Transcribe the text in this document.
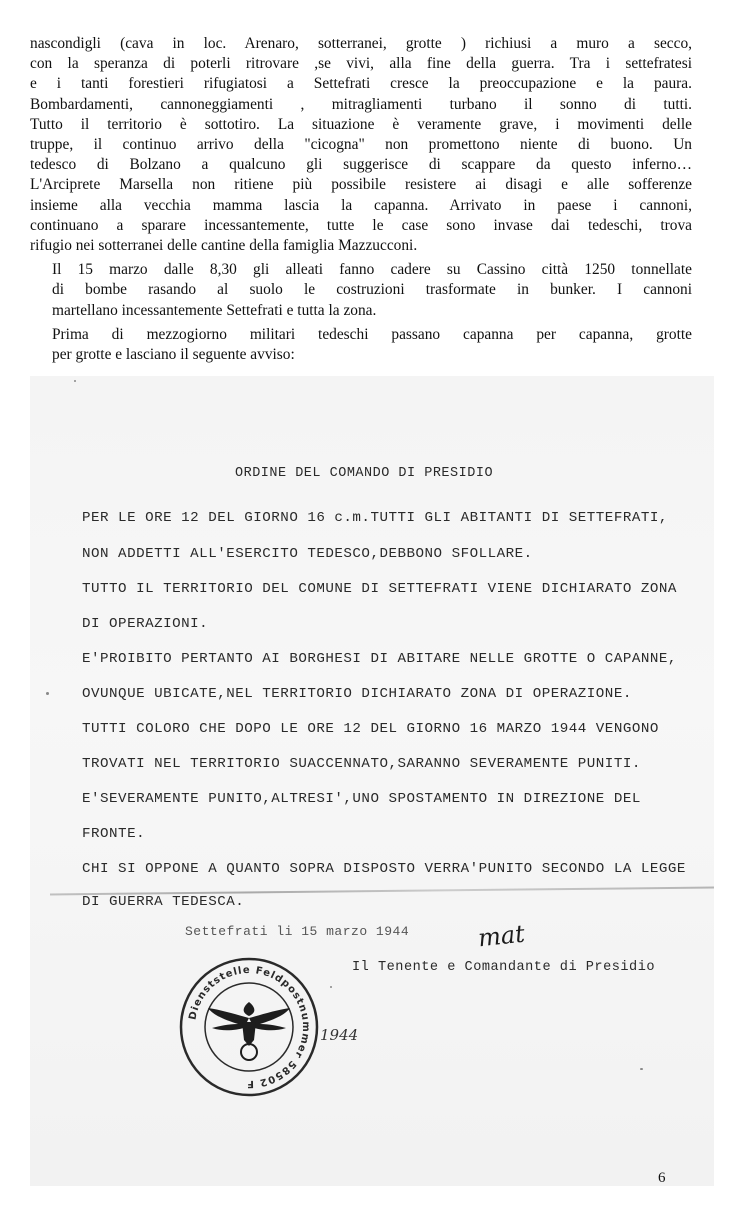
nascondigli (cava in loc. Arenaro, sotterranei, grotte ) richiusi a muro a secco,
con la speranza di poterli ritrovare ,se vivi, alla fine della guerra. Tra i settefratesi
e i tanti forestieri rifugiatosi a Settefrati cresce la preoccupazione e la paura.
Bombardamenti, cannoneggiamenti , mitragliamenti turbano il sonno di tutti.
Tutto il territorio è sottotiro. La situazione è veramente grave, i movimenti delle
truppe, il continuo arrivo della "cicogna" non promettono niente di buono. Un
tedesco di Bolzano a qualcuno gli suggerisce di scappare da questo inferno…
L'Arciprete Marsella non ritiene più possibile resistere ai disagi e alle sofferenze
insieme alla vecchia mamma lascia la capanna. Arrivato in paese i cannoni,
continuano a sparare incessantemente, tutte le case sono invase dai tedeschi, trova
rifugio nei sotterranei delle cantine della famiglia Mazzucconi.

Il 15 marzo dalle 8,30 gli alleati fanno cadere su Cassino città 1250 tonnellate
di bombe rasando al suolo le costruzioni trasformate in bunker. I cannoni
martellano incessantemente Settefrati e tutta la zona.

Prima di mezzogiorno militari tedeschi passano capanna per capanna, grotte
per grotte e lasciano il seguente avviso:

ORDINE DEL COMANDO DI PRESIDIO
PER LE ORE 12 DEL GIORNO 16 c.m.TUTTI GLI ABITANTI DI SETTEFRATI,
NON ADDETTI ALL'ESERCITO TEDESCO,DEBBONO SFOLLARE.
TUTTO IL TERRITORIO DEL COMUNE DI SETTEFRATI VIENE DICHIARATO ZONA
DI OPERAZIONI.
E'PROIBITO PERTANTO AI BORGHESI DI ABITARE NELLE GROTTE O CAPANNE,
OVUNQUE UBICATE,NEL TERRITORIO DICHIARATO ZONA DI OPERAZIONE.
TUTTI COLORO CHE DOPO LE ORE 12 DEL GIORNO 16 MARZO 1944 VENGONO
TROVATI NEL TERRITORIO SUACCENNATO,SARANNO SEVERAMENTE PUNITI.
E'SEVERAMENTE PUNITO,ALTRESI',UNO SPOSTAMENTO IN DIREZIONE DEL
FRONTE.
CHI SI OPPONE A QUANTO SOPRA DISPOSTO VERRA'PUNITO SECONDO LA LEGGE
DI GUERRA TEDESCA.
Settefrati li 15 marzo 1944	mat
Il Tenente e Comandante di Presidio
Dienststelle Feldpostnummer 58502 F
1944
6
